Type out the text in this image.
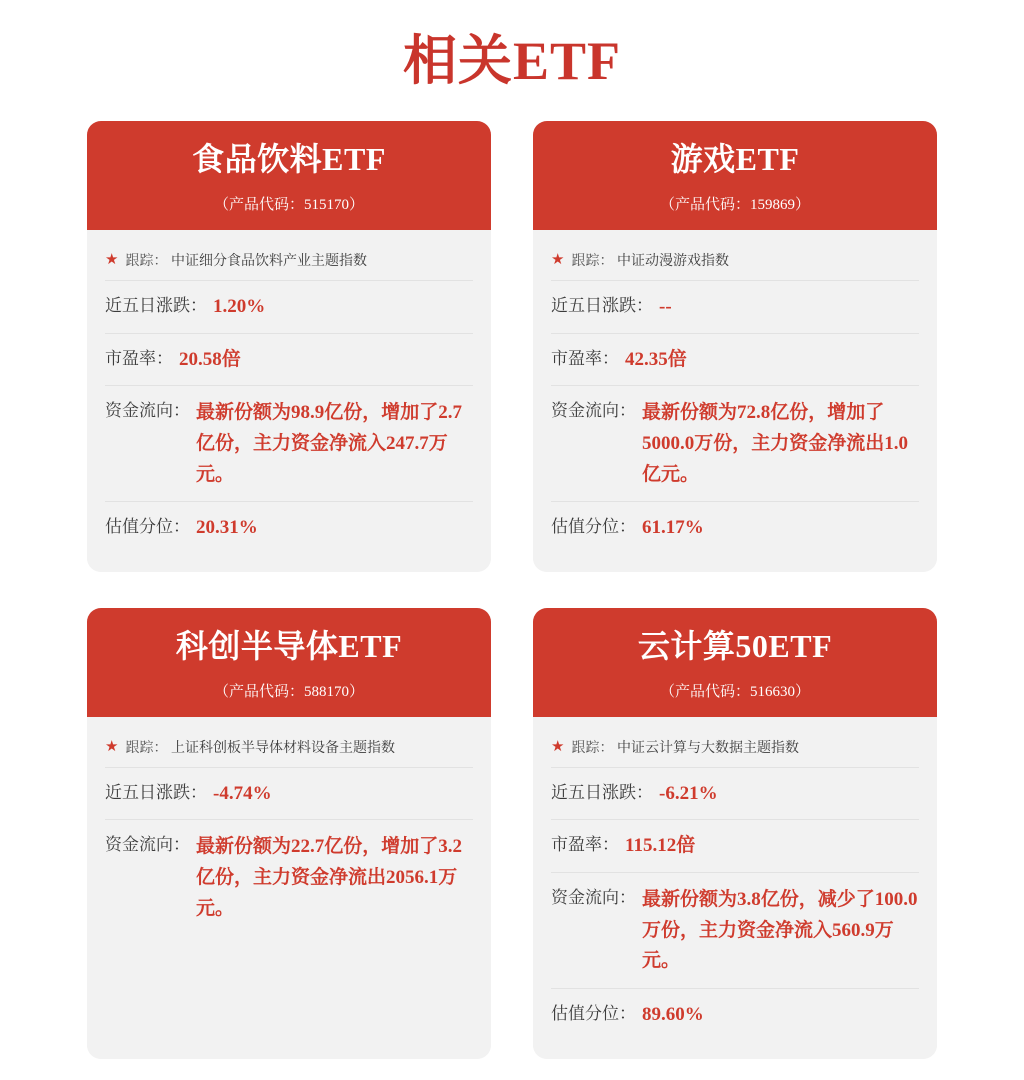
相关ETF
食品饮料ETF
（产品代码：515170）
★ 跟踪： 中证细分食品饮料产业主题指数
近五日涨跌： 1.20%
市盈率： 20.58倍
资金流向： 最新份额为98.9亿份，增加了2.7亿份，主力资金净流入247.7万元。
估值分位： 20.31%
游戏ETF
（产品代码：159869）
★ 跟踪： 中证动漫游戏指数
近五日涨跌： --
市盈率： 42.35倍
资金流向： 最新份额为72.8亿份，增加了5000.0万份，主力资金净流出1.0亿元。
估值分位： 61.17%
科创半导体ETF
（产品代码：588170）
★ 跟踪： 上证科创板半导体材料设备主题指数
近五日涨跌： -4.74%
资金流向： 最新份额为22.7亿份，增加了3.2亿份，主力资金净流出2056.1万元。
云计算50ETF
（产品代码：516630）
★ 跟踪： 中证云计算与大数据主题指数
近五日涨跌： -6.21%
市盈率： 115.12倍
资金流向： 最新份额为3.8亿份，减少了100.0万份，主力资金净流入560.9万元。
估值分位： 89.60%
